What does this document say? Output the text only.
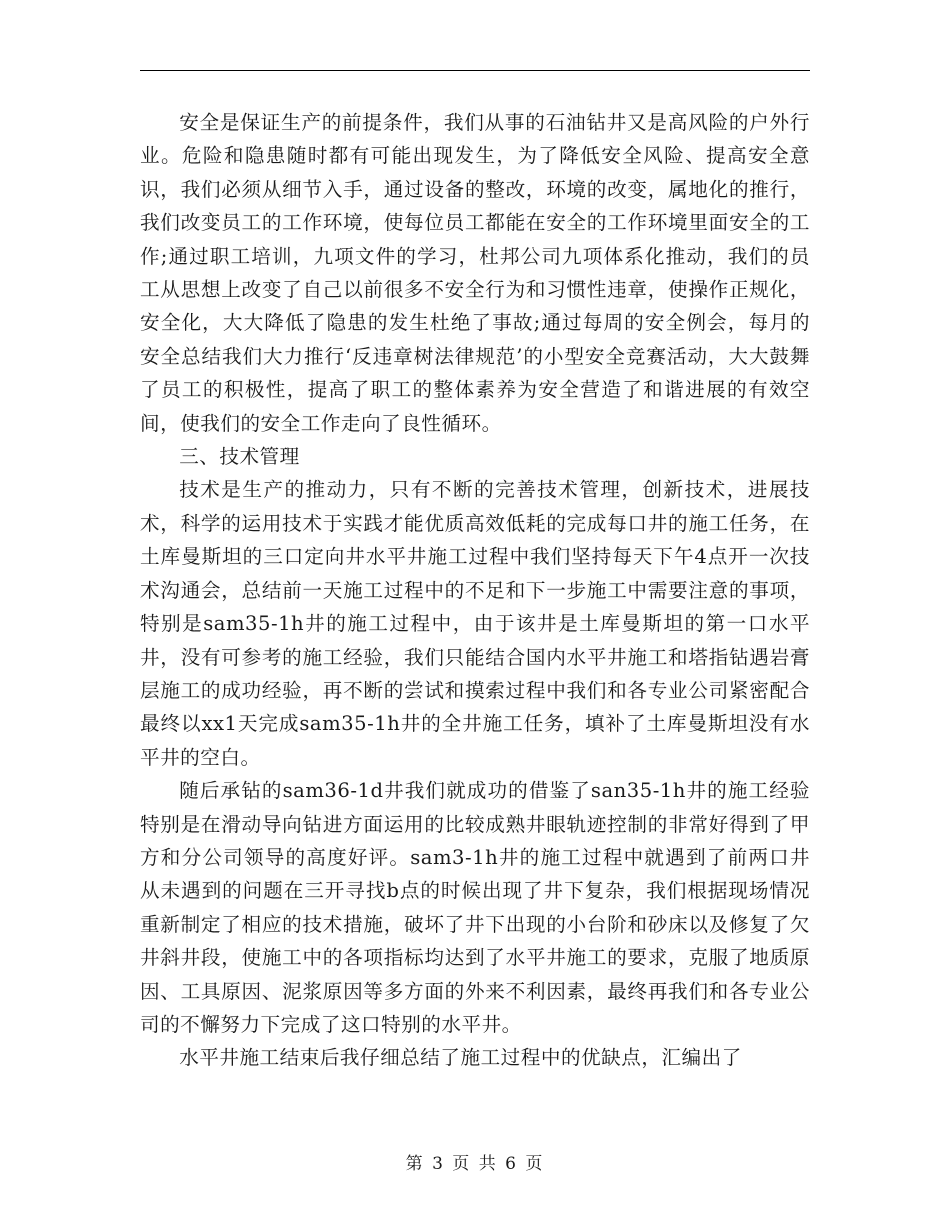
安全是保证生产的前提条件，我们从事的石油钻井又是高风险的户外行业。危险和隐患随时都有可能出现发生，为了降低安全风险、提高安全意识，我们必须从细节入手，通过设备的整改，环境的改变，属地化的推行，我们改变员工的工作环境，使每位员工都能在安全的工作环境里面安全的工作;通过职工培训，九项文件的学习，杜邦公司九项体系化推动，我们的员工从思想上改变了自己以前很多不安全行为和习惯性违章，使操作正规化，安全化，大大降低了隐患的发生杜绝了事故;通过每周的安全例会，每月的安全总结我们大力推行‘反违章树法律规范’的小型安全竞赛活动，大大鼓舞了员工的积极性，提高了职工的整体素养为安全营造了和谐进展的有效空间，使我们的安全工作走向了良性循环。

三、技术管理

技术是生产的推动力，只有不断的完善技术管理，创新技术，进展技术，科学的运用技术于实践才能优质高效低耗的完成每口井的施工任务，在土库曼斯坦的三口定向井水平井施工过程中我们坚持每天下午4点开一次技术沟通会，总结前一天施工过程中的不足和下一步施工中需要注意的事项，特别是sam35-1h井的施工过程中，由于该井是土库曼斯坦的第一口水平井，没有可参考的施工经验，我们只能结合国内水平井施工和塔指钻遇岩膏层施工的成功经验，再不断的尝试和摸索过程中我们和各专业公司紧密配合最终以xx1天完成sam35-1h井的全井施工任务，填补了土库曼斯坦没有水平井的空白。

随后承钻的sam36-1d井我们就成功的借鉴了san35-1h井的施工经验特别是在滑动导向钻进方面运用的比较成熟井眼轨迹控制的非常好得到了甲方和分公司领导的高度好评。sam3-1h井的施工过程中就遇到了前两口井从未遇到的问题在三开寻找b点的时候出现了井下复杂，我们根据现场情况重新制定了相应的技术措施，破坏了井下出现的小台阶和砂床以及修复了欠井斜井段，使施工中的各项指标均达到了水平井施工的要求，克服了地质原因、工具原因、泥浆原因等多方面的外来不利因素，最终再我们和各专业公司的不懈努力下完成了这口特别的水平井。

水平井施工结束后我仔细总结了施工过程中的优缺点，汇编出了

第 3 页 共 6 页
